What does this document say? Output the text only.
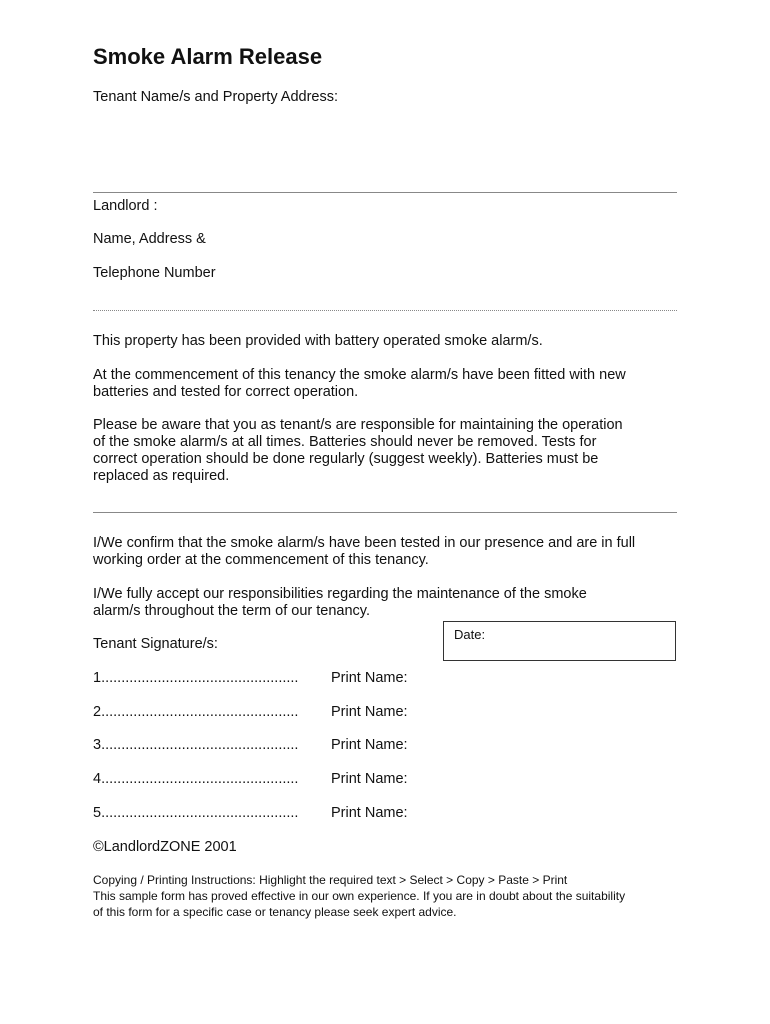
Smoke Alarm Release
Tenant Name/s and Property Address:
Landlord :
Name, Address &
Telephone Number
This property has been provided with battery operated smoke alarm/s.
At the commencement of this tenancy the smoke alarm/s have been fitted with new
batteries and tested for correct operation.
Please be aware that you as tenant/s are responsible for maintaining the operation
of the smoke alarm/s at all times. Batteries should never be removed. Tests for
correct operation should be done regularly (suggest weekly). Batteries must be
replaced as required.
I/We confirm that the smoke alarm/s have been tested in our presence and are in full
working order at the commencement of this tenancy.
I/We fully accept our responsibilities regarding the maintenance of the smoke
alarm/s throughout the term of our tenancy.
Date:
Tenant Signature/s:
1................................................. Print Name:
2................................................. Print Name:
3................................................. Print Name:
4................................................. Print Name:
5................................................. Print Name:
©LandlordZONE 2001
Copying / Printing Instructions: Highlight the required text > Select > Copy > Paste > Print
This sample form has proved effective in our own experience. If you are in doubt about the suitability
of this form for a specific case or tenancy please seek expert advice.
